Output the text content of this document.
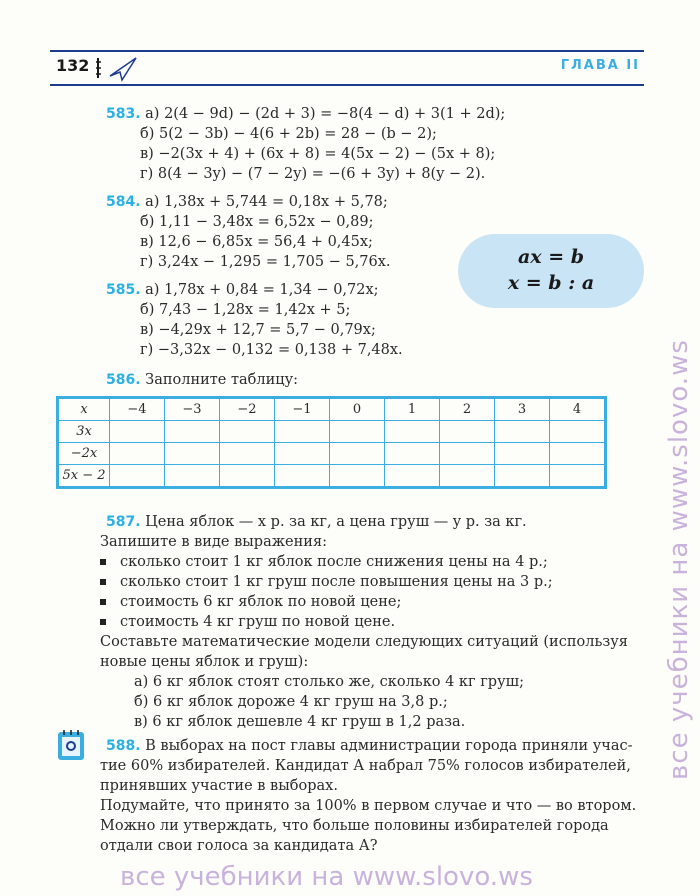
132	ГЛАВА II
583. а) 2(4 − 9d) − (2d + 3) = −8(4 − d) + 3(1 + 2d);
б) 5(2 − 3b) − 4(6 + 2b) = 28 − (b − 2);
в) −2(3x + 4) + (6x + 8) = 4(5x − 2) − (5x + 8);
г) 8(4 − 3y) − (7 − 2y) = −(6 + 3y) + 8(y − 2).
584. а) 1,38x + 5,744 = 0,18x + 5,78;
б) 1,11 − 3,48x = 6,52x − 0,89;
в) 12,6 − 6,85x = 56,4 + 0,45x;
г) 3,24x − 1,295 = 1,705 − 5,76x.	ax = b
x = b : a
585. а) 1,78x + 0,84 = 1,34 − 0,72x;
б) 7,43 − 1,28x = 1,42x + 5;
в) −4,29x + 12,7 = 5,7 − 0,79x;
г) −3,32x − 0,132 = 0,138 + 7,48x.
586. Заполните таблицу:
x	−4	−3	−2	−1	0	1	2	3	4
3x									
−2x									
5x − 2									
587. Цена яблок — x р. за кг, а цена груш — y р. за кг.
Запишите в виде выражения:
сколько стоит 1 кг яблок после снижения цены на 4 р.;
сколько стоит 1 кг груш после повышения цены на 3 р.;
стоимость 6 кг яблок по новой цене;
стоимость 4 кг груш по новой цене.
Составьте математические модели следующих ситуаций (используя
новые цены яблок и груш):
а) 6 кг яблок стоят столько же, сколько 4 кг груш;
б) 6 кг яблок дороже 4 кг груш на 3,8 р.;
в) 6 кг яблок дешевле 4 кг груш в 1,2 раза.
588. В выборах на пост главы администрации города приняли учас-
тие 60% избирателей. Кандидат А набрал 75% голосов избирателей,
принявших участие в выборах.
Подумайте, что принято за 100% в первом случае и что — во втором.
Можно ли утверждать, что больше половины избирателей города
отдали свои голоса за кандидата А?
все учебники на www.slovo.ws
все учебники на www.slovo.ws
